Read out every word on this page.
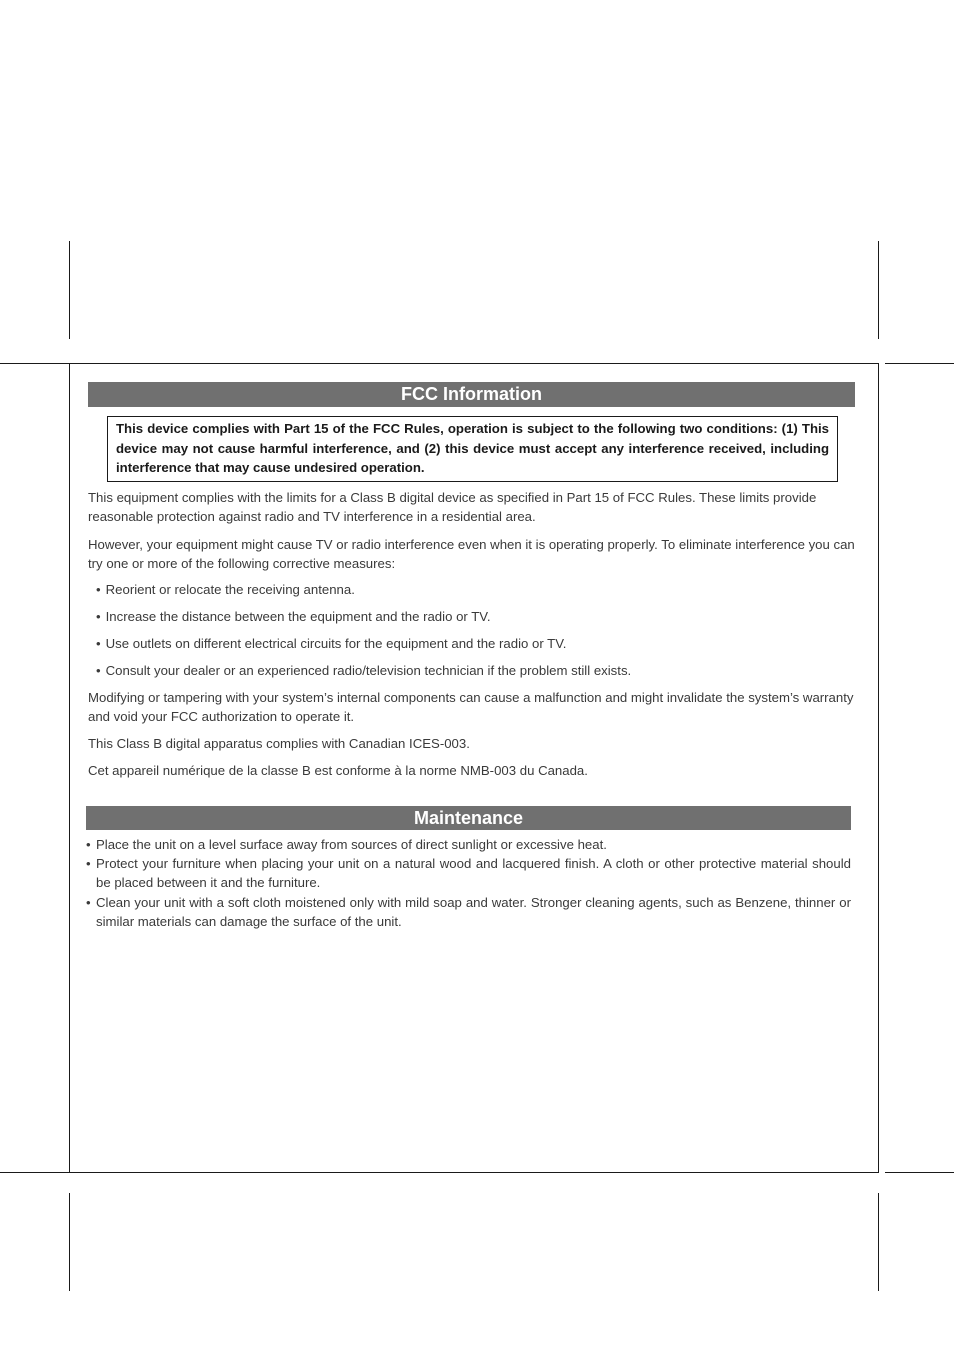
FCC Information
This device complies with Part 15 of the FCC Rules, operation is subject to the following two conditions: (1) This device may not cause harmful interference, and (2) this device must accept any interference received, including interference that may cause undesired operation.

This equipment complies with the limits for a Class B digital device as specified in Part 15 of FCC Rules. These limits provide reasonable protection against radio and TV interference in a residential area.

However, your equipment might cause TV or radio interference even when it is operating properly. To eliminate interference you can try one or more of the following corrective measures:

• Reorient or relocate the receiving antenna.
• Increase the distance between the equipment and the radio or TV.
• Use outlets on different electrical circuits for the equipment and the radio or TV.
• Consult your dealer or an experienced radio/television technician if the problem still exists.

Modifying or tampering with your system’s internal components can cause a malfunction and might invalidate the system’s warranty and void your FCC authorization to operate it.

This Class B digital apparatus complies with Canadian ICES-003.

Cet appareil numérique de la classe B est conforme à la norme NMB-003 du Canada.

Maintenance
• Place the unit on a level surface away from sources of direct sunlight or excessive heat.
• Protect your furniture when placing your unit on a natural wood and lacquered finish. A cloth or other protective material should be placed between it and the furniture.
• Clean your unit with a soft cloth moistened only with mild soap and water. Stronger cleaning agents, such as Benzene, thinner or similar materials can damage the surface of the unit.
